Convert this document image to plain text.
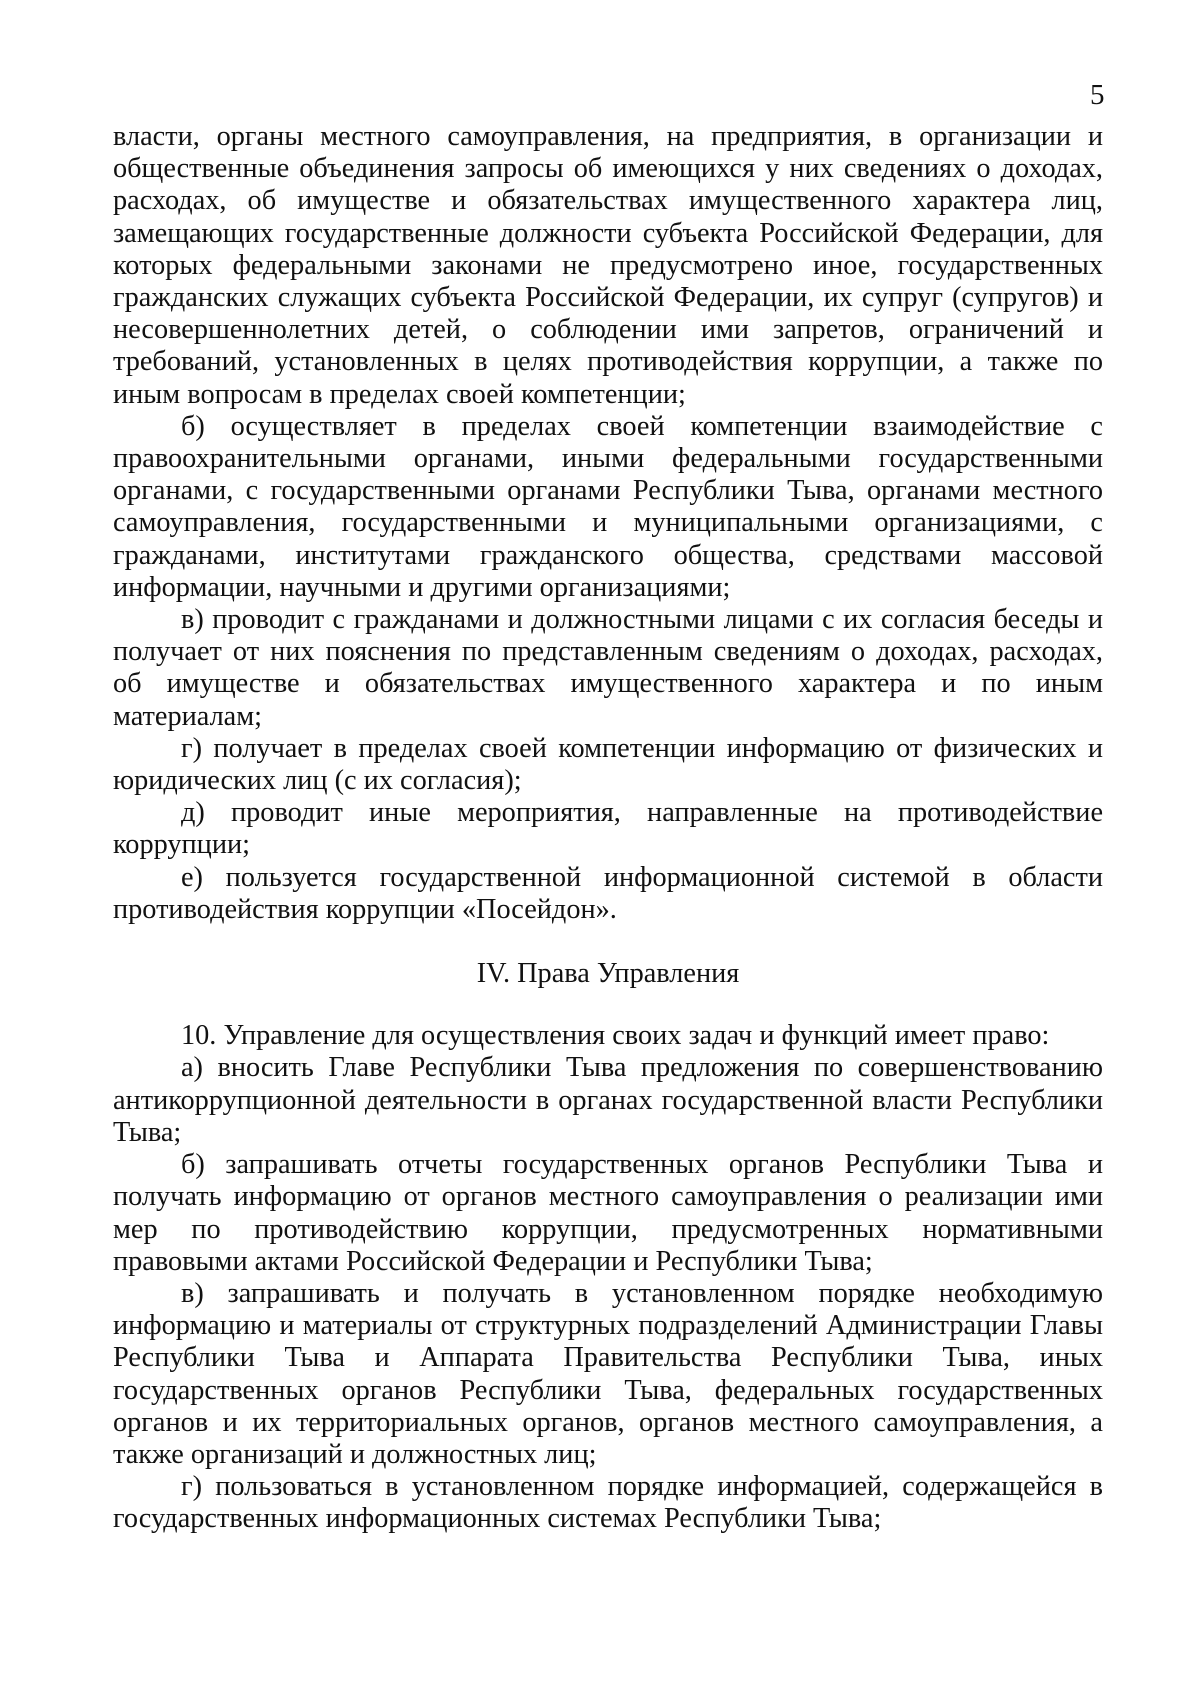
5

власти, органы местного самоуправления, на предприятия, в организации и общественные объединения запросы об имеющихся у них сведениях о доходах, расходах, об имуществе и обязательствах имущественного характера лиц, замещающих государственные должности субъекта Российской Федерации, для которых федеральными законами не предусмотрено иное, государственных гражданских служащих субъекта Российской Федерации, их супруг (супругов) и несовершеннолетних детей, о соблюдении ими запретов, ограничений и требований, установленных в целях противодействия коррупции, а также по иным вопросам в пределах своей компетенции;

б) осуществляет в пределах своей компетенции взаимодействие с правоохранительными органами, иными федеральными государственными органами, с государственными органами Республики Тыва, органами местного самоуправления, государственными и муниципальными организациями, с гражданами, институтами гражданского общества, средствами массовой информации, научными и другими организациями;

в) проводит с гражданами и должностными лицами с их согласия беседы и получает от них пояснения по представленным сведениям о доходах, расходах, об имуществе и обязательствах имущественного характера и по иным материалам;

г) получает в пределах своей компетенции информацию от физических и юридических лиц (с их согласия);

д) проводит иные мероприятия, направленные на противодействие коррупции;

е) пользуется государственной информационной системой в области противодействия коррупции «Посейдон».

IV. Права Управления

10. Управление для осуществления своих задач и функций имеет право:

а) вносить Главе Республики Тыва предложения по совершенствованию антикоррупционной деятельности в органах государственной власти Республики Тыва;

б) запрашивать отчеты государственных органов Республики Тыва и получать информацию от органов местного самоуправления о реализации ими мер по противодействию коррупции, предусмотренных нормативными правовыми актами Российской Федерации и Республики Тыва;

в) запрашивать и получать в установленном порядке необходимую информацию и материалы от структурных подразделений Администрации Главы Республики Тыва и Аппарата Правительства Республики Тыва, иных государственных органов Республики Тыва, федеральных государственных органов и их территориальных органов, органов местного самоуправления, а также организаций и должностных лиц;

г) пользоваться в установленном порядке информацией, содержащейся в государственных информационных системах Республики Тыва;
